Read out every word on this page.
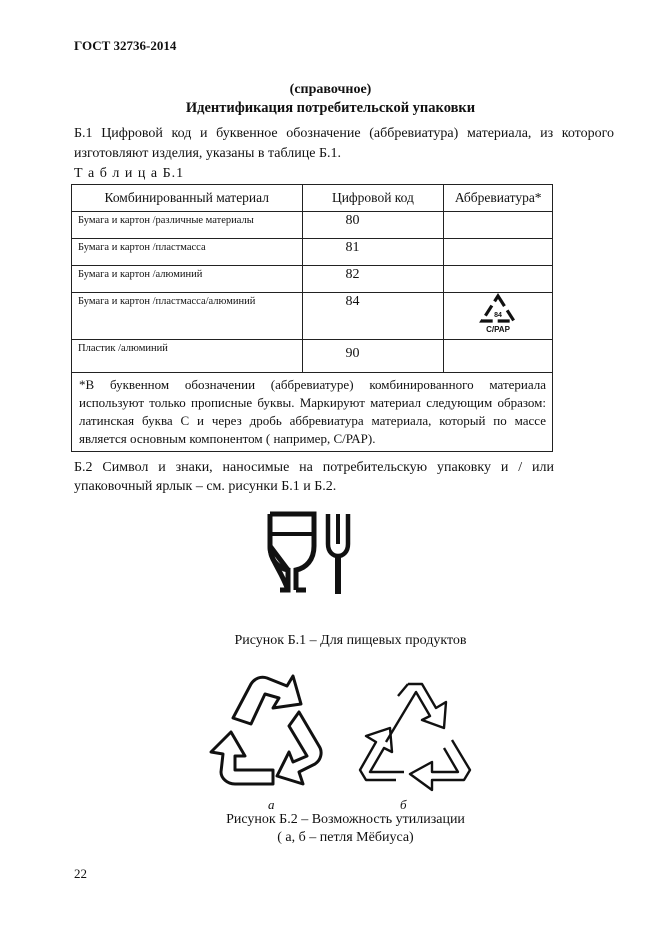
ГОСТ 32736-2014
(справочное)
Идентификация потребительской упаковки
Б.1 Цифровой код и буквенное обозначение (аббревиатура) материала, из которого изготовляют изделия, указаны в таблице Б.1.
Т а б л и ц а Б.1
Комбинированный материал	Цифровой код	Аббревиатура*
Бумага и картон /различные материалы	80	
Бумага и картон /пластмасса	81	
Бумага и картон /алюминий	82	
Бумага и картон /пластмасса/алюминий	84	84
C/PAP

Пластик /алюминий	90	
*В буквенном обозначении (аббревиатуре) комбинированного материала используют только прописные буквы. Маркируют материал следующим образом: латинская буква С и через дробь аббревиатура материала, который по массе является основным компонентом ( например, С/РАР).		
Б.2 Символ и знаки, наносимые на потребительскую упаковку и / или упаковочный ярлык – см. рисунки Б.1 и Б.2.
Рисунок Б.1 – Для пищевых продуктов
а	б
Рисунок Б.2 – Возможность утилизации
( а, б – петля Мёбиуса)
22
